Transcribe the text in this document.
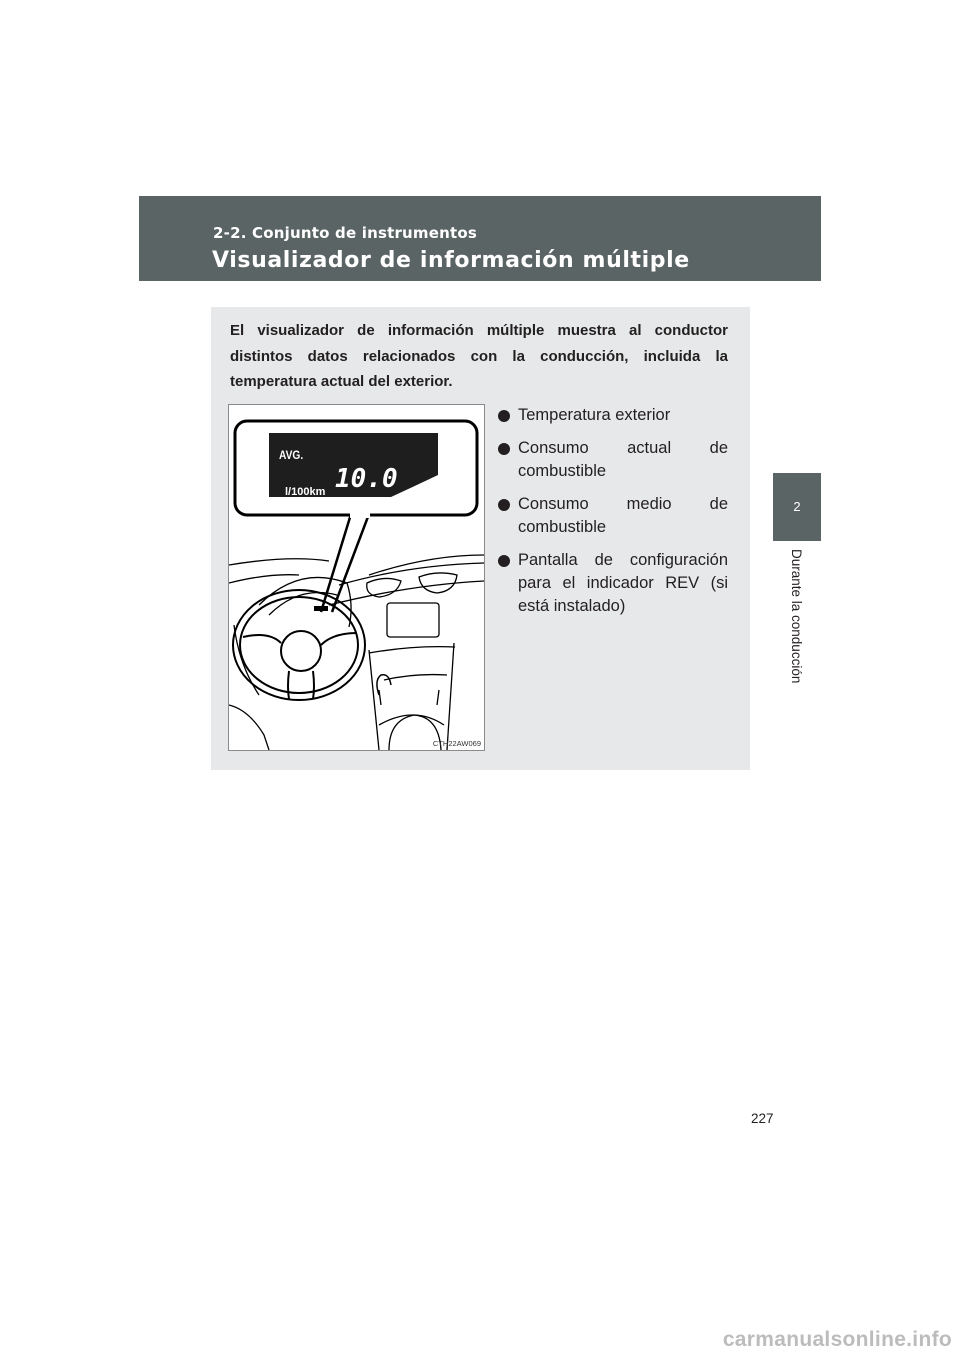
2-2. Conjunto de instrumentos
Visualizador de información múltiple
2
Durante la conducción

El visualizador de información múltiple muestra al conductor distintos datos relacionados con la conducción, incluida la temperatura actual del exterior.

AVG.
10.0
l/100km
CTH22AW069
Temperatura exterior
Consumo actual de combustible
Consumo medio de combustible
Pantalla de configuración para el indicador REV (si está instalado)
227
carmanualsonline.info
